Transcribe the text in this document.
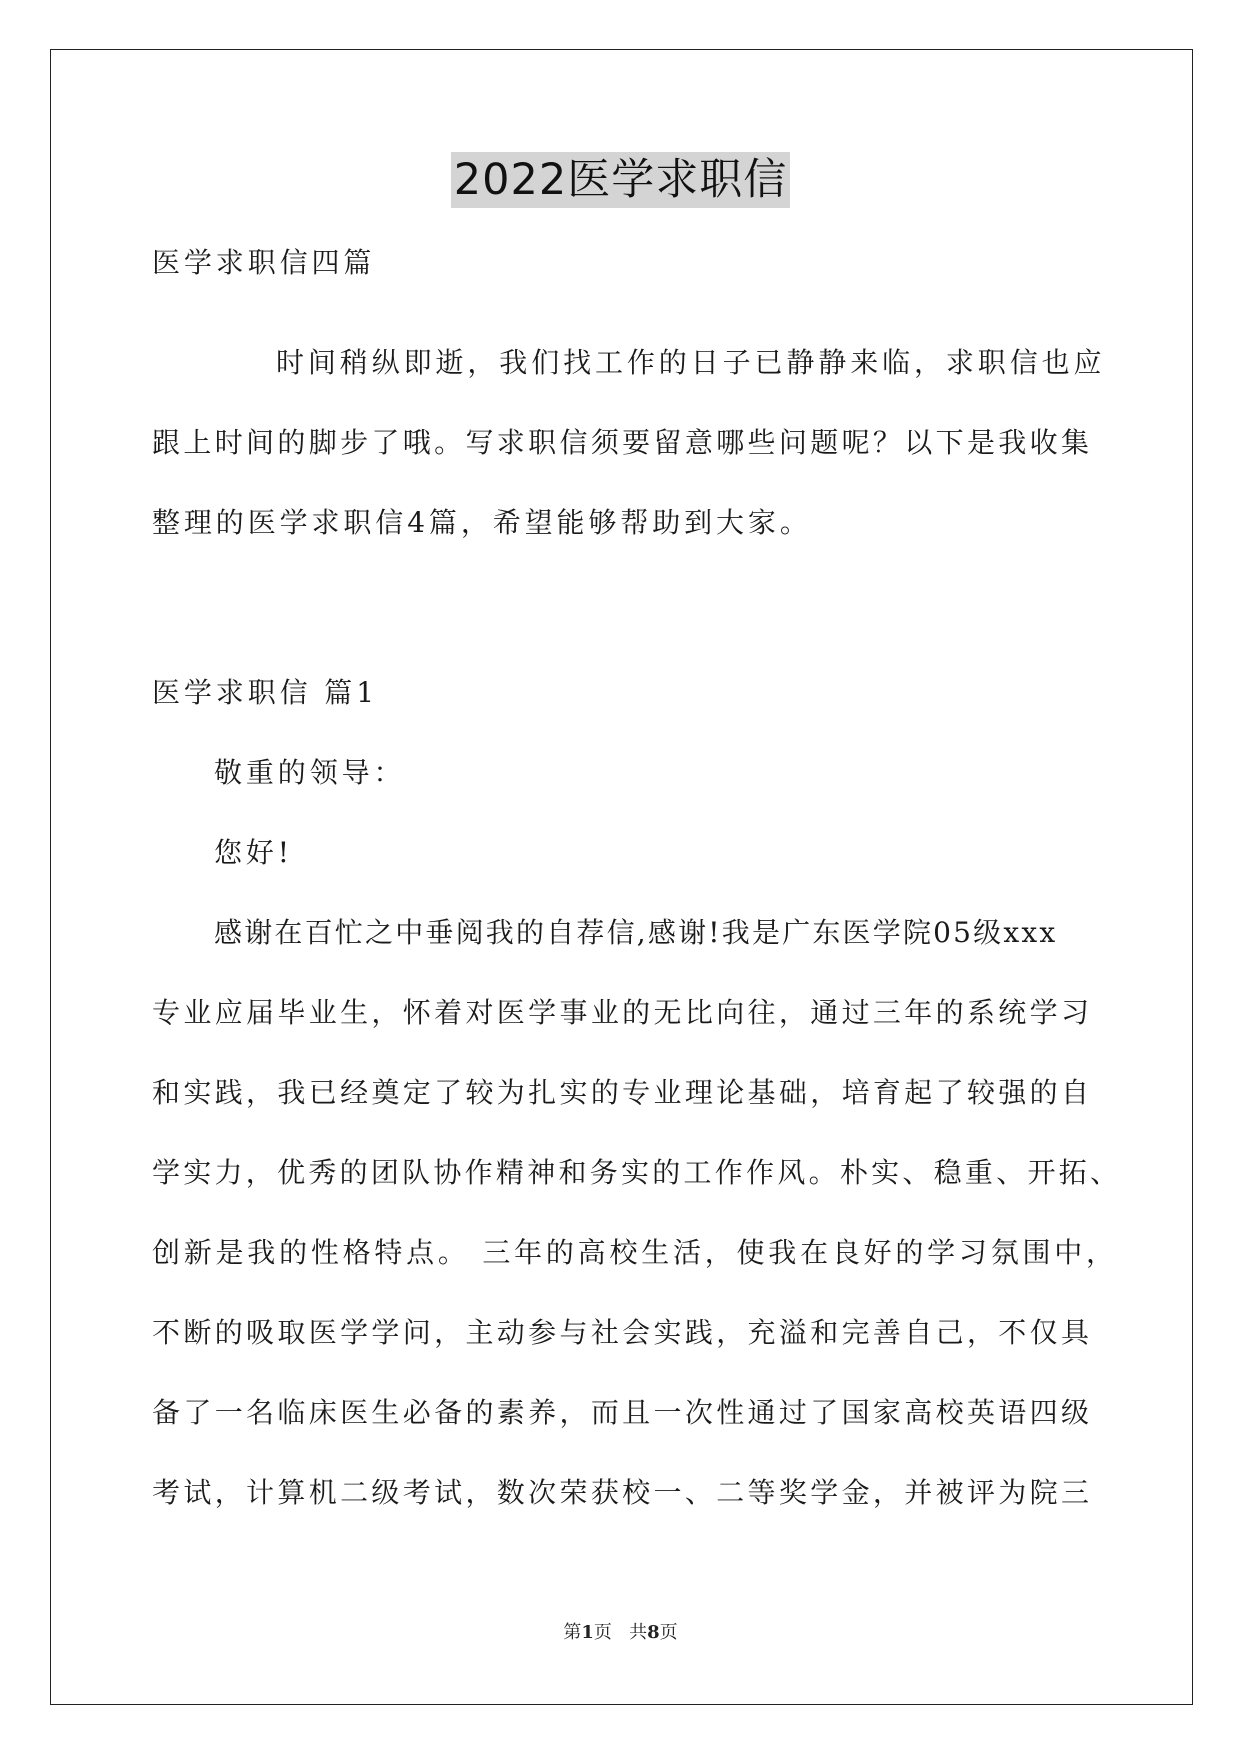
2022医学求职信
医学求职信四篇
时间稍纵即逝，我们找工作的日子已静静来临，求职信也应
跟上时间的脚步了哦。写求职信须要留意哪些问题呢？以下是我收集
整理的医学求职信4篇，希望能够帮助到大家。
医学求职信 篇1
敬重的领导：
您好!
感谢在百忙之中垂阅我的自荐信,感谢!我是广东医学院05级xxx
专业应届毕业生，怀着对医学事业的无比向往，通过三年的系统学习
和实践，我已经奠定了较为扎实的专业理论基础，培育起了较强的自
学实力，优秀的团队协作精神和务实的工作作风。朴实、稳重、开拓、
创新是我的性格特点。 三年的高校生活，使我在良好的学习氛围中，
不断的吸取医学学问，主动参与社会实践，充溢和完善自己，不仅具
备了一名临床医生必备的素养，而且一次性通过了国家高校英语四级
考试，计算机二级考试，数次荣获校一、二等奖学金，并被评为院三
第1页 共8页
